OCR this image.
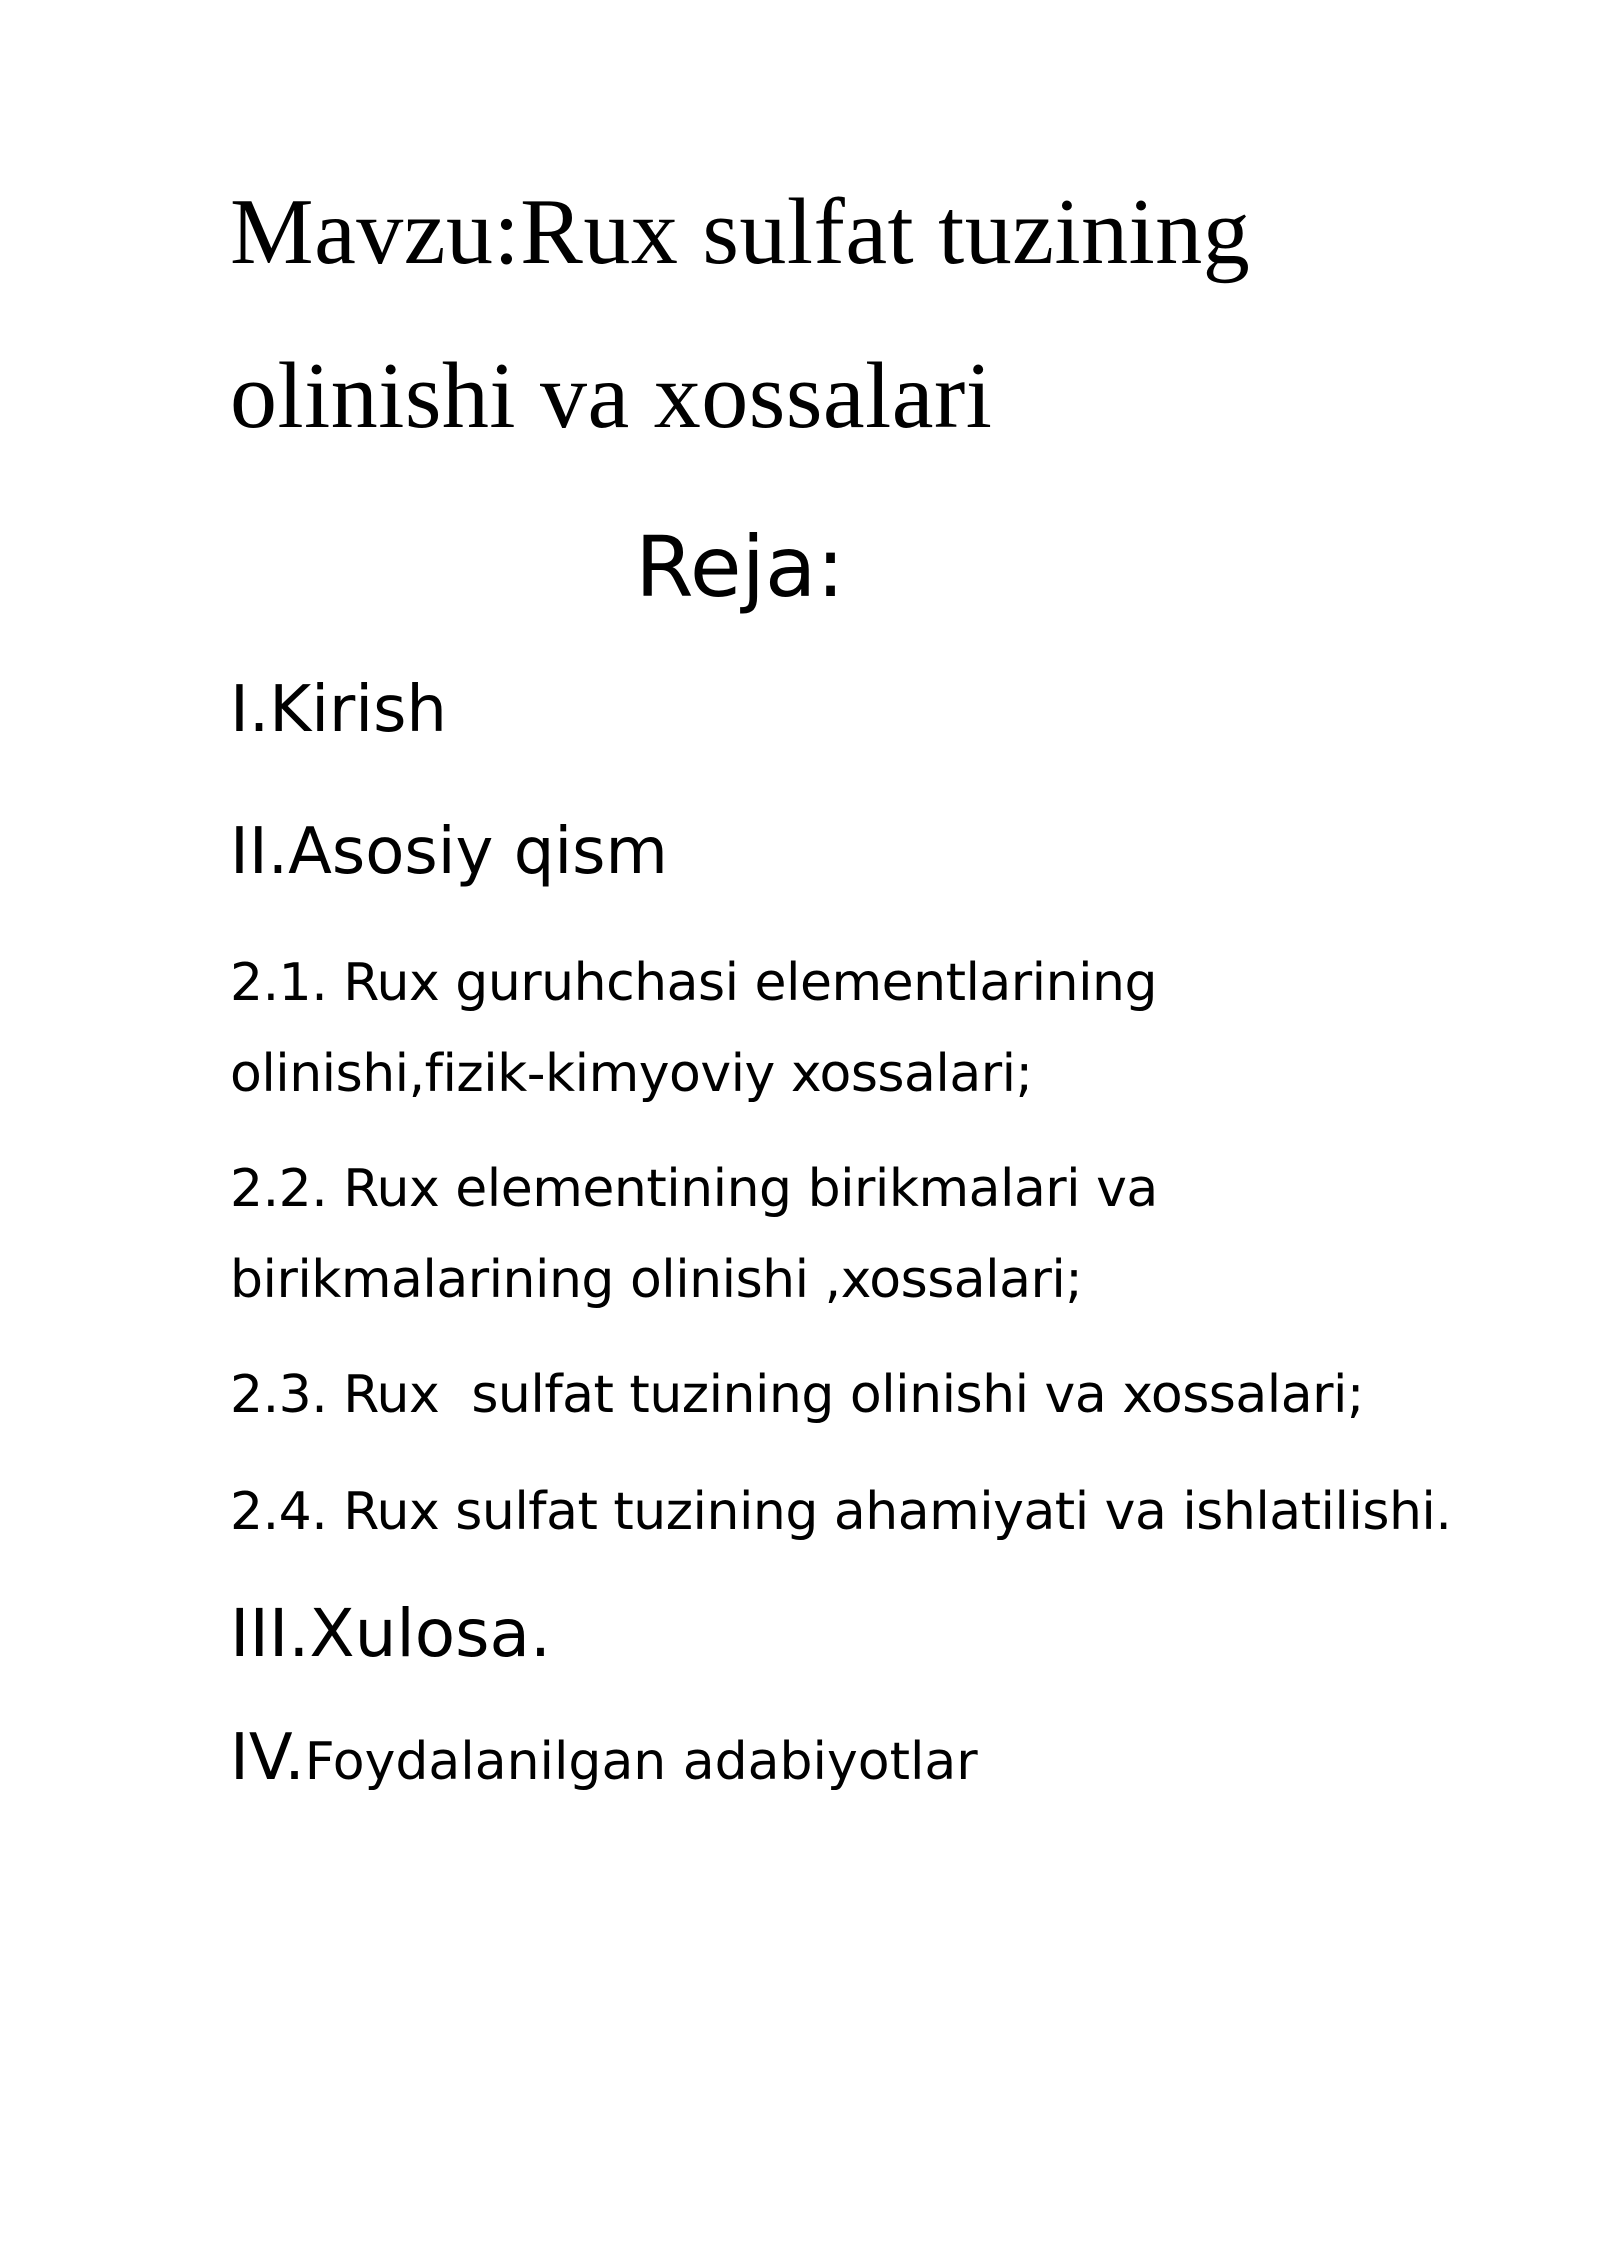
Mavzu:Rux sulfat tuzining
olinishi va xossalari
Reja:
I.Kirish
II.Asosiy qism
2.1. Rux guruhchasi elementlarining
olinishi,fizik-kimyoviy xossalari;
2.2. Rux elementining birikmalari va
birikmalarining olinishi ,xossalari;
2.3. Rux  sulfat tuzining olinishi va xossalari;
2.4. Rux sulfat tuzining ahamiyati va ishlatilishi.
III.Xulosa.
IV.Foydalanilgan adabiyotlar
